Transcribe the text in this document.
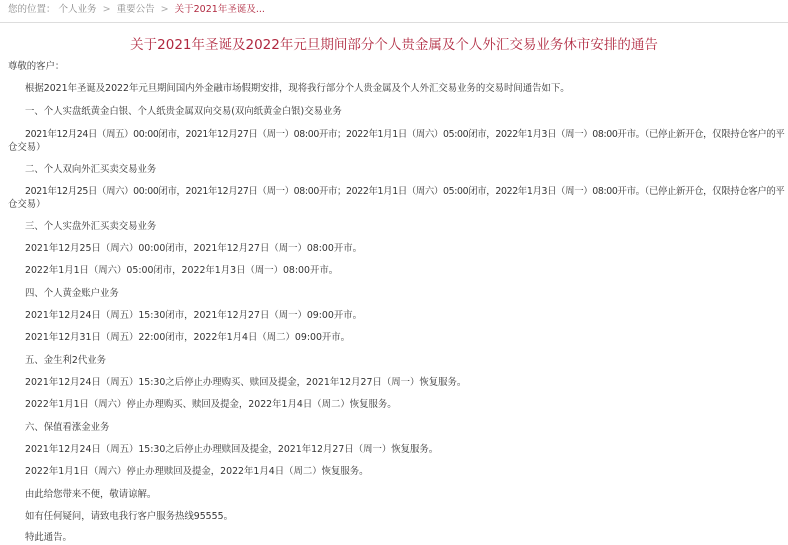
您的位置： 个人业务 > 重要公告 > 关于2021年圣诞及...
关于2021年圣诞及2022年元旦期间部分个人贵金属及个人外汇交易业务休市安排的通告
尊敬的客户：
根据2021年圣诞及2022年元旦期间国内外金融市场假期安排，现将我行部分个人贵金属及个人外汇交易业务的交易时间通告如下。
一、个人实盘纸黄金白银、个人纸贵金属双向交易(双向纸黄金白银)交易业务
2021年12月24日（周五）00:00闭市，2021年12月27日（周一）08:00开市；2022年1月1日（周六）05:00闭市，2022年1月3日（周一）08:00开市。（已停止新开仓，仅限持仓客户的平
仓交易）
二、个人双向外汇买卖交易业务
2021年12月25日（周六）00:00闭市，2021年12月27日（周一）08:00开市；2022年1月1日（周六）05:00闭市，2022年1月3日（周一）08:00开市。（已停止新开仓，仅限持仓客户的平
仓交易）
三、个人实盘外汇买卖交易业务
2021年12月25日（周六）00:00闭市，2021年12月27日（周一）08:00开市。
2022年1月1日（周六）05:00闭市，2022年1月3日（周一）08:00开市。
四、个人黄金账户业务
2021年12月24日（周五）15:30闭市，2021年12月27日（周一）09:00开市。
2021年12月31日（周五）22:00闭市，2022年1月4日（周二）09:00开市。
五、金生利2代业务
2021年12月24日（周五）15:30之后停止办理购买、赎回及提金，2021年12月27日（周一）恢复服务。
2022年1月1日（周六）停止办理购买、赎回及提金，2022年1月4日（周二）恢复服务。
六、保值看涨金业务
2021年12月24日（周五）15:30之后停止办理赎回及提金，2021年12月27日（周一）恢复服务。
2022年1月1日（周六）停止办理赎回及提金，2022年1月4日（周二）恢复服务。
由此给您带来不便，敬请谅解。
如有任何疑问，请致电我行客户服务热线95555。
特此通告。
